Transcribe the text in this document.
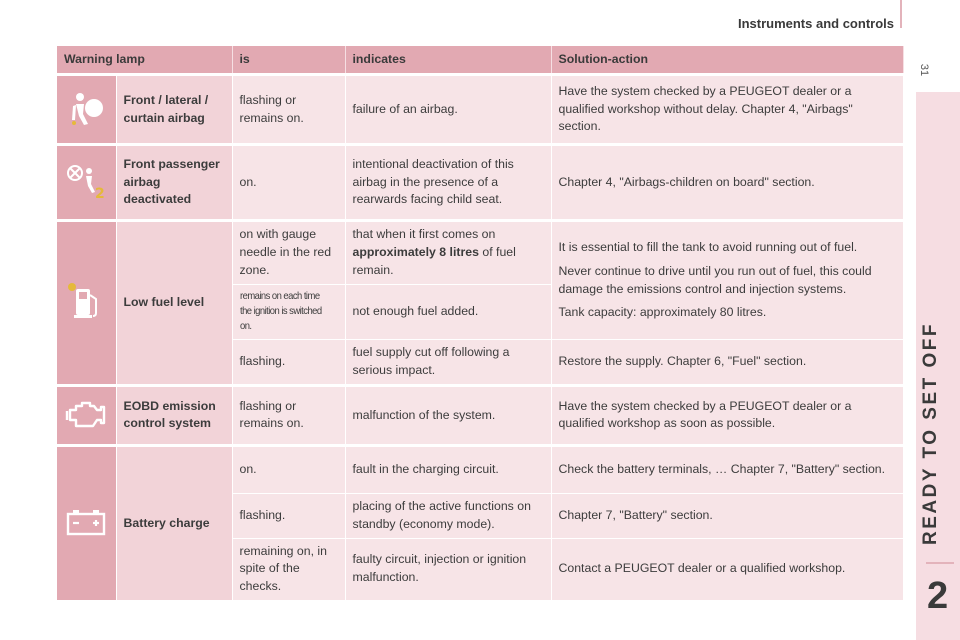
Instruments and controls
31
READY TO SET OFF
2
Warning lamp		is	indicates	Solution-action

	Front / lateral / curtain airbag	flashing or remains on.	failure of an airbag.	Have the system checked by a PEUGEOT dealer or a qualified workshop without delay. Chapter 4, "Airbags" section.

2	Front passenger airbag deactivated	on.	intentional deactivation of this airbag in the presence of a rearwards facing child seat.	Chapter 4, "Airbags-children on board" section.

	Low fuel level	on with gauge needle in the red zone.	that when it first comes on approximately 8 litres of fuel remain.	It is essential to fill the tank to avoid running out of fuel.
Never continue to drive until you run out of fuel, this could damage the emissions control and injection systems.
Tank capacity: approximately 80 litres.

		remains on each time the ignition is switched on.	not enough fuel added.	
		flashing.	fuel supply cut off following a serious impact.	Restore the supply. Chapter 6, "Fuel" section.

	EOBD emission control system	flashing or remains on.	malfunction of the system.	Have the system checked by a PEUGEOT dealer or a qualified workshop as soon as possible.

	Battery charge	on.	fault in the charging circuit.	Check the battery terminals, … Chapter 7, "Battery" section.
		flashing.	placing of the active functions on standby (economy mode).	Chapter 7, "Battery" section.
		remaining on, in spite of the checks.	faulty circuit, injection or ignition malfunction.	Contact a PEUGEOT dealer or a qualified workshop.
